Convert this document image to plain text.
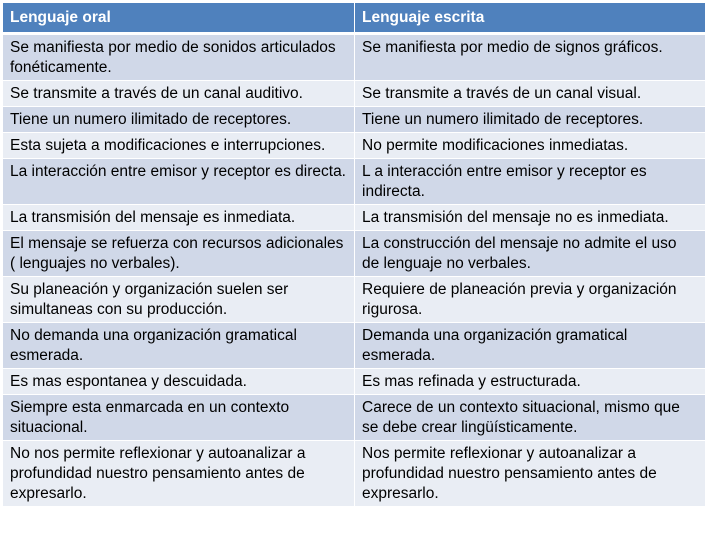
Lenguaje oral	Lenguaje escrita
Se manifiesta por medio de sonidos articulados fonéticamente.	Se manifiesta por medio de signos gráficos.
Se transmite a través de un canal auditivo.	Se transmite a través de un canal visual.
Tiene un numero ilimitado de receptores.	Tiene un numero ilimitado de receptores.
Esta sujeta a modificaciones e interrupciones.	No permite modificaciones inmediatas.
La interacción entre emisor y receptor es directa.	L a interacción entre emisor y receptor es indirecta.
La transmisión del mensaje es inmediata.	La transmisión del mensaje no es inmediata.
El mensaje se refuerza con recursos adicionales ( lenguajes no verbales).	La construcción del mensaje no admite el uso de lenguaje no verbales.
Su planeación y organización suelen ser simultaneas con su producción.	Requiere de planeación previa y organización rigurosa.
No demanda una organización gramatical esmerada.	Demanda una organización gramatical esmerada.
Es mas espontanea y descuidada.	Es mas refinada y estructurada.
Siempre esta enmarcada en un contexto situacional.	Carece de un contexto situacional, mismo que se debe crear lingüísticamente.
No nos permite reflexionar y autoanalizar a profundidad nuestro pensamiento antes de expresarlo.	Nos permite reflexionar y autoanalizar a profundidad nuestro pensamiento antes de expresarlo.
